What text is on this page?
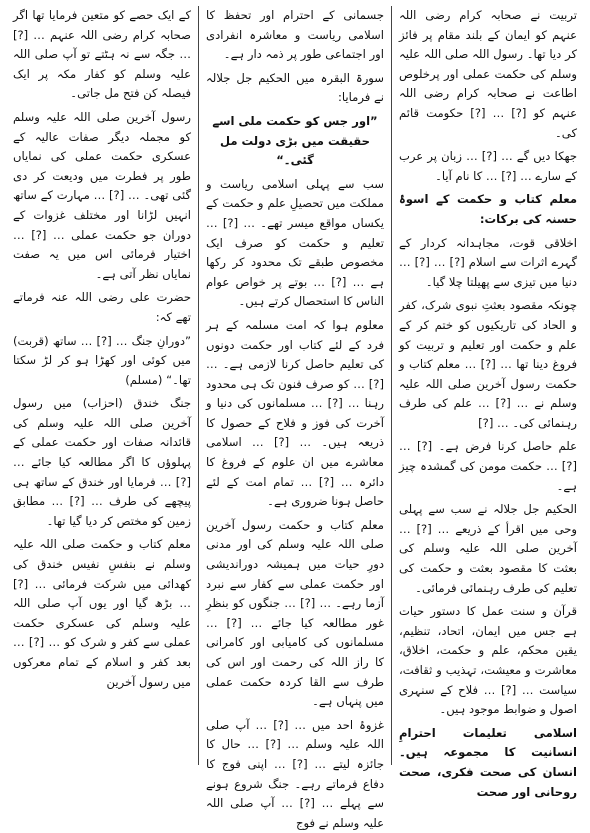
تربیت نے صحابہ کرام رضی اللہ عنہم کو ایمان کے بلند مقام پر فائز کر دیا تھا۔ رسول اللہ صلی اللہ علیہ وسلم کی حکمت عملی اور پرخلوص اطاعت نے صحابہ کرام رضی اللہ عنہم کو [?] … [?] حکومت قائم کی۔

جھکا دیں گے … [?] … زبان پر عرب کے سارے … [?] … کا نام آیا۔

معلم کتاب و حکمت کے اسوۂ حسنہ کی برکات:

اخلاقی قوت، مجاہدانہ کردار کے گہرے اثرات سے اسلام [?] … [?] … دنیا میں تیزی سے پھیلتا چلا گیا۔

چونکہ مقصود بعثتِ نبوی شرک، کفر و الحاد کی تاریکیوں کو ختم کر کے علم و حکمت اور تعلیم و تربیت کو فروغ دینا تھا … [?] … معلم کتاب و حکمت رسول آخرین صلی اللہ علیہ وسلم نے … [?] … علم کی طرف رہنمائی کی۔ … [?]

علم حاصل کرنا فرض ہے۔ [?] … [?] … حکمت مومن کی گمشدہ چیز ہے۔

الحکیم جل جلالہ نے سب سے پہلی وحی میں اقرأ کے ذریعے … [?] … آخرین صلی اللہ علیہ وسلم کی بعثت کا مقصود بعثت و حکمت کی تعلیم کی طرف رہنمائی فرمائی۔

قرآن و سنت عمل کا دستور حیات ہے جس میں ایمان، اتحاد، تنظیم، یقین محکم، علم و حکمت، اخلاق، معاشرت و معیشت، تہذیب و ثقافت، سیاست … [?] … فلاح کے سنہری اصول و ضوابط موجود ہیں۔

اسلامی تعلیمات احترامِ انسانیت کا مجموعہ ہیں۔ انسان کی صحت فکری، صحت روحانی اور صحت

جسمانی کے احترام اور تحفظ کا اسلامی ریاست و معاشرہ انفرادی اور اجتماعی طور پر ذمہ دار ہے۔

سورۃ البقرہ میں الحکیم جل جلالہ نے فرمایا:

”اور جس کو حکمت ملی اسے حقیقت میں بڑی دولت مل گئی۔“

سب سے پہلی اسلامی ریاست و مملکت میں تحصیلِ علم و حکمت کے یکساں مواقع میسر تھے۔ … [?] … تعلیم و حکمت کو صرف ایک مخصوص طبقے تک محدود کر رکھا ہے … [?] … بوتے پر خواص عوام الناس کا استحصال کرتے ہیں۔

معلوم ہوا کہ امت مسلمہ کے ہر فرد کے لئے کتاب اور حکمت دونوں کی تعلیم حاصل کرنا لازمی ہے۔ … [?] … کو صرف فنون تک ہی محدود رہنا … [?] … مسلمانوں کی دنیا و آخرت کی فوز و فلاح کے حصول کا ذریعہ ہیں۔ … [?] … اسلامی معاشرے میں ان علوم کے فروغ کا دائرہ … [?] … تمام امت کے لئے حاصل ہونا ضروری ہے۔

معلم کتاب و حکمت رسول آخرین صلی اللہ علیہ وسلم کی اور مدنی دورِ حیات میں ہمیشہ دوراندیشی اور حکمت عملی سے کفار سے نبرد آزما رہے۔ … [?] … جنگوں کو بنظرِ غور مطالعہ کیا جائے … [?] … مسلمانوں کی کامیابی اور کامرانی کا راز اللہ کی رحمت اور اس کی طرف سے القا کردہ حکمت عملی میں پنہاں ہے۔

غزوۂ احد میں … [?] … آپ صلی اللہ علیہ وسلم … [?] … حال کا جائزہ لیتے … [?] … اپنی فوج کا دفاع فرماتے رہے۔ جنگ شروع ہونے سے پہلے … [?] … آپ صلی اللہ علیہ وسلم نے فوج

کے ایک حصے کو متعین فرمایا تھا اگر صحابہ کرام رضی اللہ عنہم … [?] … جگہ سے نہ ہٹتے تو آپ صلی اللہ علیہ وسلم کو کفار مکہ پر ایک فیصلہ کن فتح مل جاتی۔

رسول آخرین صلی اللہ علیہ وسلم کو مجملہ دیگر صفات عالیہ کے عسکری حکمت عملی کی نمایاں طور پر فطرت میں ودیعت کر دی گئی تھی۔ … [?] … مہارت کے ساتھ انہیں لڑانا اور مختلف غزوات کے دوران جو حکمت عملی … [?] … اختیار فرمائی اس میں یہ صفت نمایاں نظر آتی ہے۔

حضرت علی رضی اللہ عنہ فرماتے تھے کہ:

”دورانِ جنگ … [?] … ساتھ (قربت) میں کوئی اور کھڑا ہو کر لڑ سکتا تھا۔“ (مسلم)

جنگ خندق (احزاب) میں رسول آخرین صلی اللہ علیہ وسلم کی قائدانہ صفات اور حکمت عملی کے پہلوؤں کا اگر مطالعہ کیا جائے … [?] … فرمایا اور خندق کے ساتھ ہی پیچھے کی طرف … [?] … مطابق زمین کو مختص کر دیا گیا تھا۔

معلم کتاب و حکمت صلی اللہ علیہ وسلم نے بنفسِ نفیس خندق کی کھدائی میں شرکت فرمائی … [?] … بڑھ گیا اور یوں آپ صلی اللہ علیہ وسلم کی عسکری حکمت عملی سے کفر و شرک کو … [?] … بعد کفر و اسلام کے تمام معرکوں میں رسول آخرین
